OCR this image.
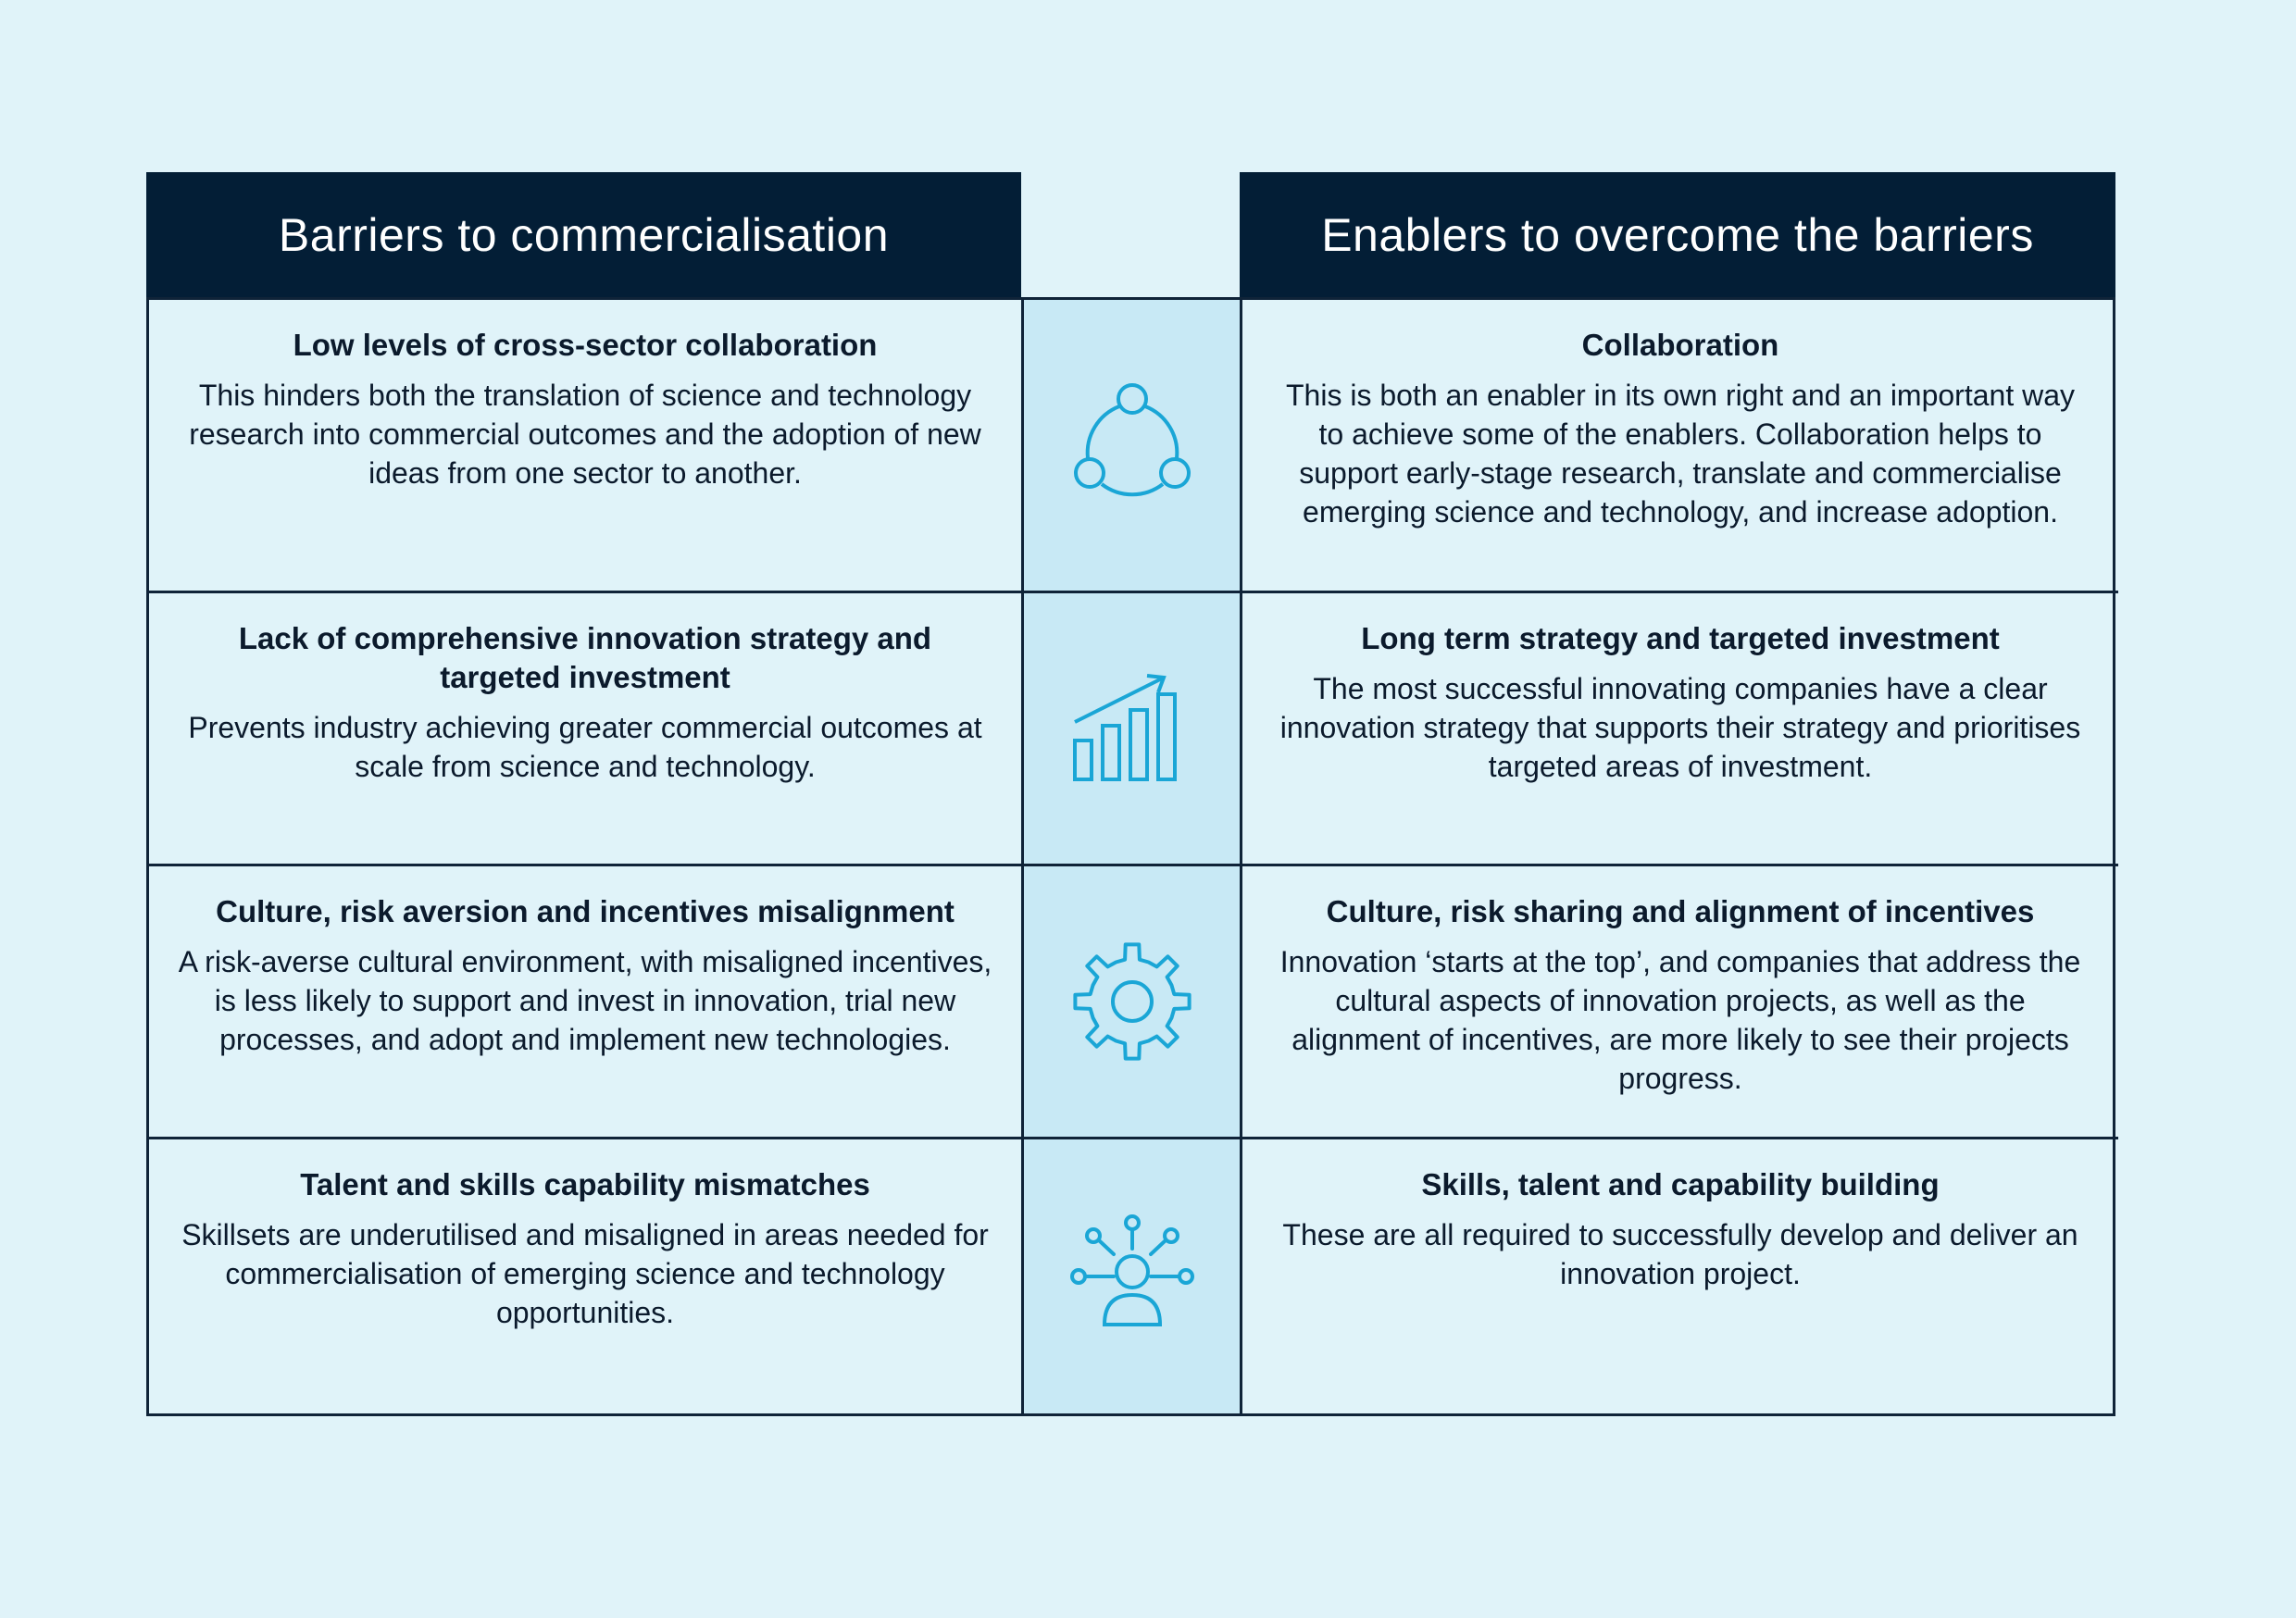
Barriers to commercialisation	Enablers to overcome the barriers
Low levels of cross-sector collaboration

This hinders both the translation of science and technology research into commercial outcomes and the adoption of new ideas from one sector to another.

Collaboration

This is both an enabler in its own right and an important way to achieve some of the enablers. Collaboration helps to support early-stage research, translate and commercialise emerging science and technology, and increase adoption.

Lack of comprehensive innovation strategy and targeted investment

Prevents industry achieving greater commercial outcomes at scale from science and technology.

Long term strategy and targeted investment

The most successful innovating companies have a clear innovation strategy that supports their strategy and prioritises targeted areas of investment.

Culture, risk aversion and incentives misalignment

A risk-averse cultural environment, with misaligned incentives, is less likely to support and invest in innovation, trial new processes, and adopt and implement new technologies.

Culture, risk sharing and alignment of incentives

Innovation ‘starts at the top’, and companies that address the cultural aspects of innovation projects, as well as the alignment of incentives, are more likely to see their projects progress.

Talent and skills capability mismatches

Skillsets are underutilised and misaligned in areas needed for commercialisation of emerging science and technology opportunities.

Skills, talent and capability building

These are all required to successfully develop and deliver an innovation project.
